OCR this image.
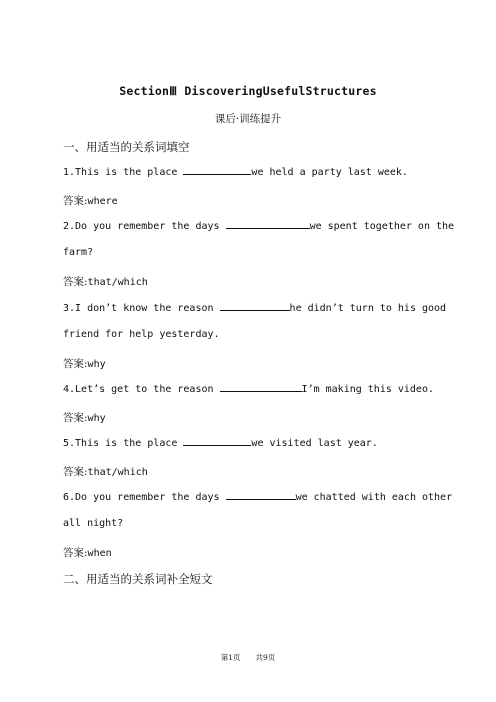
SectionⅢ DiscoveringUsefulStructures
课后·训练提升
一、用适当的关系词填空
1.This is the place	we held a party last week.
答案:where
2.Do you remember the days	we spent together on the
farm?
答案:that/which
3.I don’t know the reason	he didn’t turn to his good
friend for help yesterday.
答案:why
4.Let’s get to the reason	I’m making this video.
答案:why
5.This is the place	we visited last year.
答案:that/which
6.Do you remember the days	we chatted with each other
all night?
答案:when
二、用适当的关系词补全短文
第1页　　共9页
